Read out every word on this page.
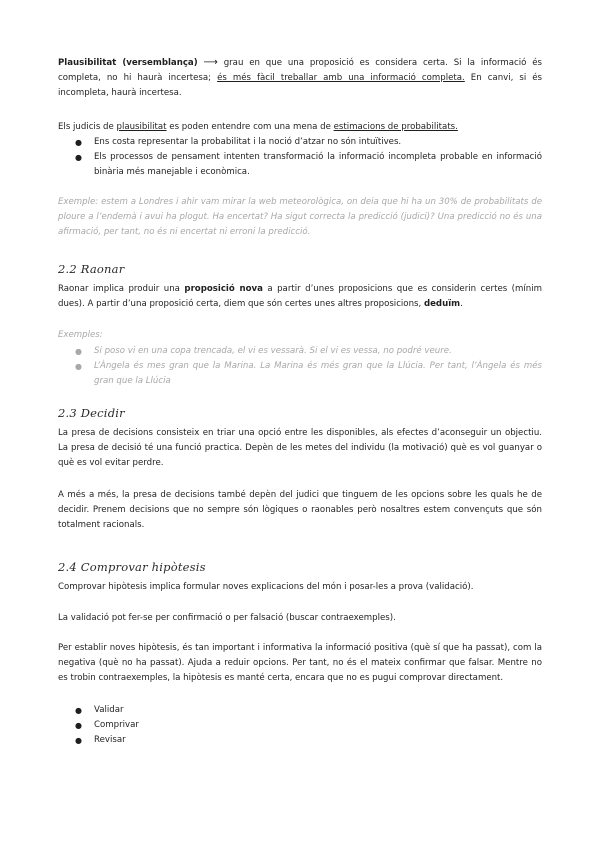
Plausibilitat (versemblança) ⟶ grau en que una proposició es considera certa. Si la informació és completa, no hi haurà incertesa; és més fàcil treballar amb una informació completa. En canvi, si és incompleta, haurà incertesa.
Els judicis de plausibilitat es poden entendre com una mena de estimacions de probabilitats.
● Ens costa representar la probabilitat i la noció d’atzar no són intuïtives.
● Els processos de pensament intenten transformació la informació incompleta probable en informació binària més manejable i econòmica.
Exemple: estem a Londres i ahir vam mirar la web meteorològica, on deia que hi ha un 30% de probabilitats de ploure a l’endemà i avui ha plogut. Ha encertat? Ha sigut correcta la predicció (judici)? Una predicció no és una afirmació, per tant, no és ni encertat ni erroni la predicció.
2.2 Raonar
Raonar implica produir una proposició nova a partir d’unes proposicions que es considerin certes (mínim dues). A partir d’una proposició certa, diem que són certes unes altres proposicions, deduïm.
Exemples:
● Si poso vi en una copa trencada, el vi es vessarà. Si el vi es vessa, no podré veure.
● L’Àngela és mes gran que la Marina. La Marina és més gran que la Llúcia. Per tant, l’Àngela és més gran que la Llúcia
2.3 Decidir
La presa de decisions consisteix en triar una opció entre les disponibles, als efectes d’aconseguir un objectiu. La presa de decisió té una funció practica. Depèn de les metes del individu (la motivació) què es vol guanyar o què es vol evitar perdre.
A més a més, la presa de decisions també depèn del judici que tinguem de les opcions sobre les quals he de decidir. Prenem decisions que no sempre són lògiques o raonables però nosaltres estem convençuts que són totalment racionals.
2.4 Comprovar hipòtesis
Comprovar hipòtesis implica formular noves explicacions del món i posar-les a prova (validació).
La validació pot fer-se per confirmació o per falsació (buscar contraexemples).
Per establir noves hipòtesis, és tan important i informativa la informació positiva (què sí que ha passat), com la negativa (què no ha passat). Ajuda a reduir opcions. Per tant, no és el mateix confirmar que falsar. Mentre no es trobin contraexemples, la hipòtesis es manté certa, encara que no es pugui comprovar directament.
● Validar
● Comprivar
● Revisar
